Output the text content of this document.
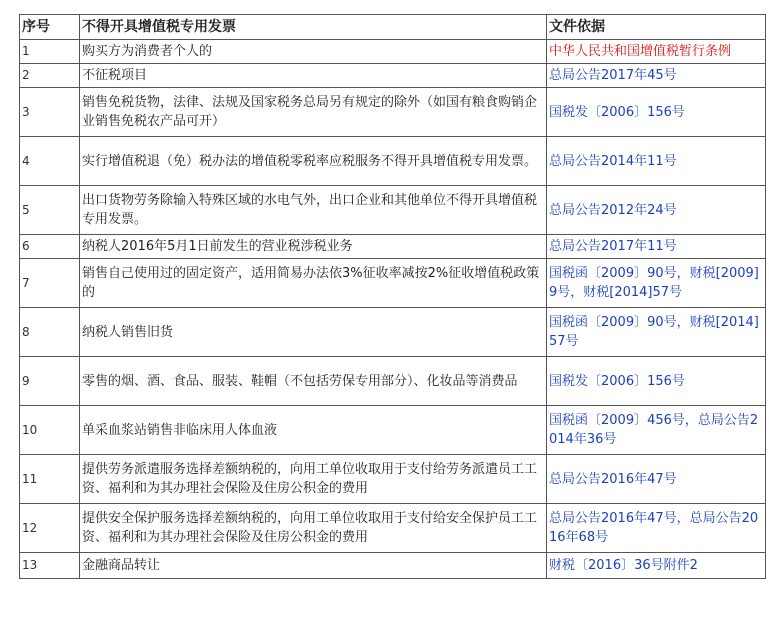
序号	不得开具增值税专用发票	文件依据
1	购买方为消费者个人的	中华人民共和国增值税暂行条例
2	不征税项目	总局公告2017年45号
3	销售免税货物，法律、法规及国家税务总局另有规定的除外（如国有粮食购销企业销售免税农产品可开）	国税发〔2006〕156号
4	实行增值税退（免）税办法的增值税零税率应税服务不得开具增值税专用发票。	总局公告2014年11号
5	出口货物劳务除输入特殊区域的水电气外，出口企业和其他单位不得开具增值税专用发票。	总局公告2012年24号
6	纳税人2016年5月1日前发生的营业税涉税业务	总局公告2017年11号
7	销售自己使用过的固定资产，适用简易办法依3%征收率减按2%征收增值税政策的	国税函〔2009〕90号，财税[2009]9号，财税[2014]57号
8	纳税人销售旧货	国税函〔2009〕90号，财税[2014]57号
9	零售的烟、酒、食品、服装、鞋帽（不包括劳保专用部分）、化妆品等消费品	国税发〔2006〕156号
10	单采血浆站销售非临床用人体血液	国税函〔2009〕456号，总局公告2014年36号
11	提供劳务派遣服务选择差额纳税的，向用工单位收取用于支付给劳务派遣员工工资、福利和为其办理社会保险及住房公积金的费用	总局公告2016年47号
12	提供安全保护服务选择差额纳税的，向用工单位收取用于支付给安全保护员工工资、福利和为其办理社会保险及住房公积金的费用	总局公告2016年47号，总局公告2016年68号
13	金融商品转让	财税〔2016〕36号附件2
